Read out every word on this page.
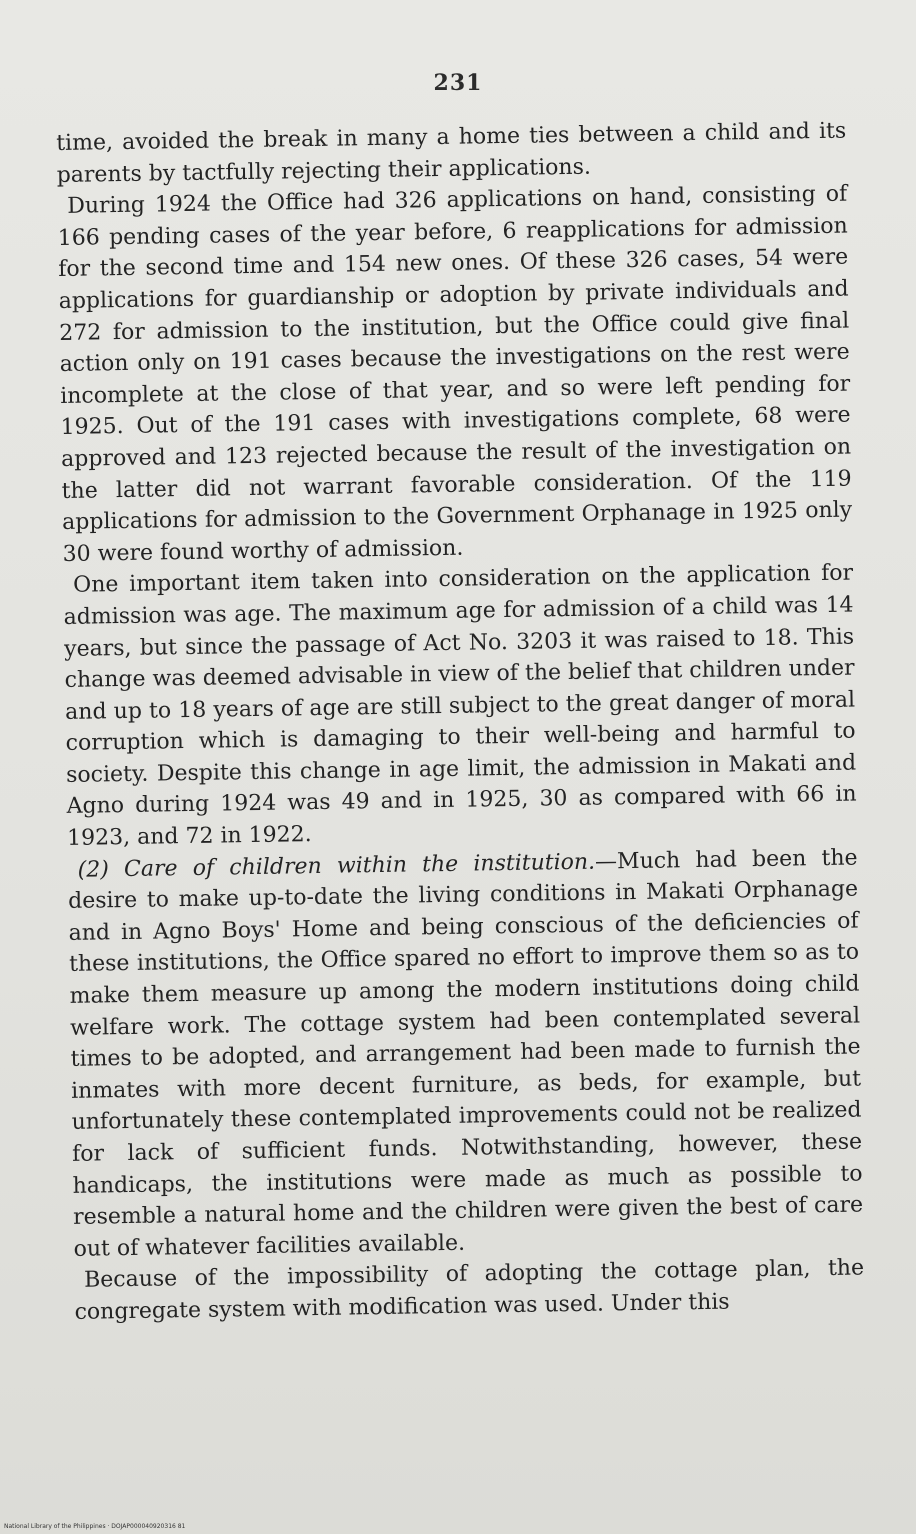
231

time, avoided the break in many a home ties between a child and its parents by tactfully rejecting their applications.

During 1924 the Office had 326 applications on hand, consisting of 166 pending cases of the year before, 6 reapplications for admission for the second time and 154 new ones. Of these 326 cases, 54 were applications for guardianship or adoption by private individuals and 272 for admission to the institution, but the Office could give final action only on 191 cases because the investigations on the rest were incomplete at the close of that year, and so were left pending for 1925. Out of the 191 cases with investigations complete, 68 were approved and 123 rejected because the result of the investigation on the latter did not warrant favorable consideration. Of the 119 applications for admission to the Government Orphanage in 1925 only 30 were found worthy of admission.

One important item taken into consideration on the application for admission was age. The maximum age for admission of a child was 14 years, but since the passage of Act No. 3203 it was raised to 18. This change was deemed advisable in view of the belief that children under and up to 18 years of age are still subject to the great danger of moral corruption which is damaging to their well-being and harmful to society. Despite this change in age limit, the admission in Makati and Agno during 1924 was 49 and in 1925, 30 as compared with 66 in 1923, and 72 in 1922.

(2) Care of children within the institution.—Much had been the desire to make up-to-date the living conditions in Makati Orphanage and in Agno Boys' Home and being conscious of the deficiencies of these institutions, the Office spared no effort to improve them so as to make them measure up among the modern institutions doing child welfare work. The cottage system had been contemplated several times to be adopted, and arrangement had been made to furnish the inmates with more decent furniture, as beds, for example, but unfortunately these contemplated improvements could not be realized for lack of sufficient funds. Notwithstanding, however, these handicaps, the institutions were made as much as possible to resemble a natural home and the children were given the best of care out of whatever facilities available.

Because of the impossibility of adopting the cottage plan, the congregate system with modification was used. Under this

National Library of the Philippines · DOJAP000040920316 81
